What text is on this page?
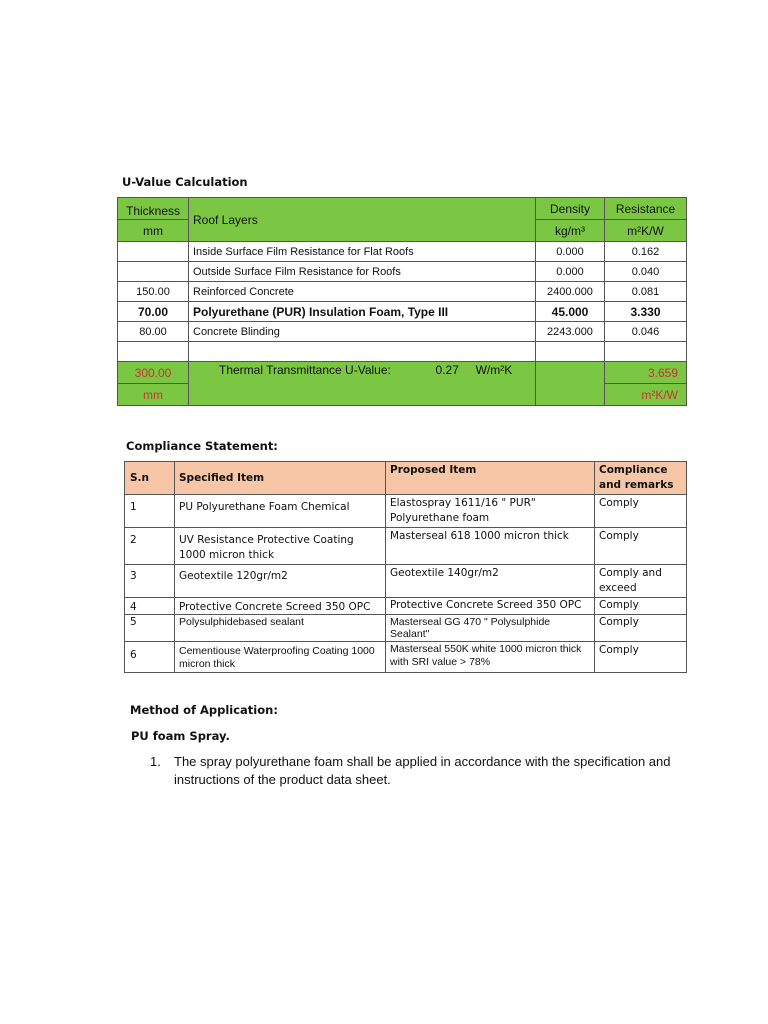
U-Value Calculation
Thickness	Roof Layers	Density	Resistance
mm		kg/m³	m²K/W
	Inside Surface Film Resistance for Flat Roofs	0.000	0.162
	Outside Surface Film Resistance for Roofs	0.000	0.040
150.00	Reinforced Concrete	2400.000	0.081
70.00	Polyurethane (PUR) Insulation Foam, Type III	45.000	3.330
80.00	Concrete Blinding	2243.000	0.046

300.00	Thermal Transmittance U-Value: 0.27 W/m²K		3.659
mm			m²K/W
Compliance Statement:
S.n	Specified Item	Proposed Item	Compliance and remarks
1	PU Polyurethane Foam Chemical	Elastospray 1611/16 " PUR" Polyurethane foam	Comply
2	UV Resistance Protective Coating 1000 micron thick	Masterseal 618 1000 micron thick	Comply
3	Geotextile 120gr/m2	Geotextile 140gr/m2	Comply and exceed
4	Protective Concrete Screed 350 OPC	Protective Concrete Screed 350 OPC	Comply
5	Polysulphidebased sealant	Masterseal GG 470 " Polysulphide Sealant"	Comply
6	Cementiouse Waterproofing Coating 1000 micron thick	Masterseal 550K white 1000 micron thick with SRI value > 78%	Comply
Method of Application:
PU foam Spray.
1. The spray polyurethane foam shall be applied in accordance with the specification and instructions of the product data sheet.
